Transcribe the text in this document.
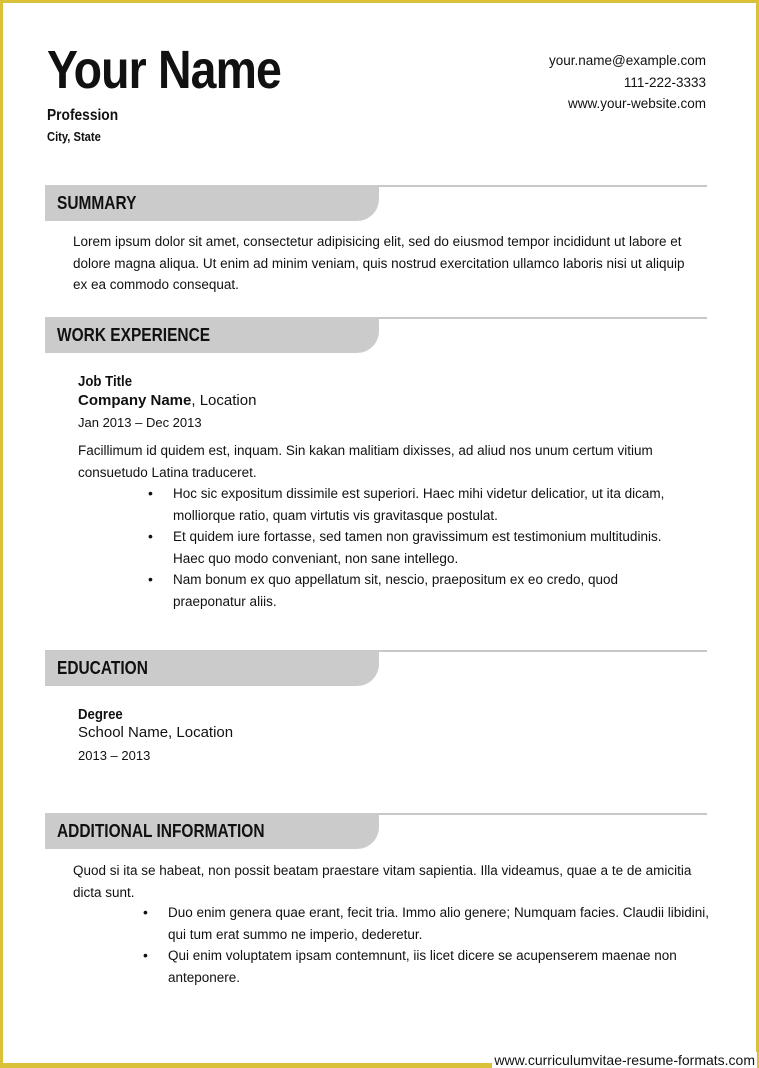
Your Name
Profession
City, State
your.name@example.com
111-222-3333
www.your-website.com
SUMMARY
Lorem ipsum dolor sit amet, consectetur adipisicing elit, sed do eiusmod tempor incididunt ut labore et dolore magna aliqua. Ut enim ad minim veniam, quis nostrud exercitation ullamco laboris nisi ut aliquip ex ea commodo consequat.
WORK EXPERIENCE
Job Title
Company Name, Location
Jan 2013 – Dec 2013
Facillimum id quidem est, inquam. Sin kakan malitiam dixisses, ad aliud nos unum certum vitium consuetudo Latina traduceret.
• Hoc sic expositum dissimile est superiori. Haec mihi videtur delicatior, ut ita dicam, molliorque ratio, quam virtutis vis gravitasque postulat.
• Et quidem iure fortasse, sed tamen non gravissimum est testimonium multitudinis. Haec quo modo conveniant, non sane intellego.
• Nam bonum ex quo appellatum sit, nescio, praepositum ex eo credo, quod praeponatur aliis.
EDUCATION
Degree
School Name, Location
2013 – 2013
ADDITIONAL INFORMATION
Quod si ita se habeat, non possit beatam praestare vitam sapientia. Illa videamus, quae a te de amicitia dicta sunt.
• Duo enim genera quae erant, fecit tria. Immo alio genere; Numquam facies. Claudii libidini, qui tum erat summo ne imperio, dederetur.
• Qui enim voluptatem ipsam contemnunt, iis licet dicere se acupenserem maenae non anteponere.
www.curriculumvitae-resume-formats.com
